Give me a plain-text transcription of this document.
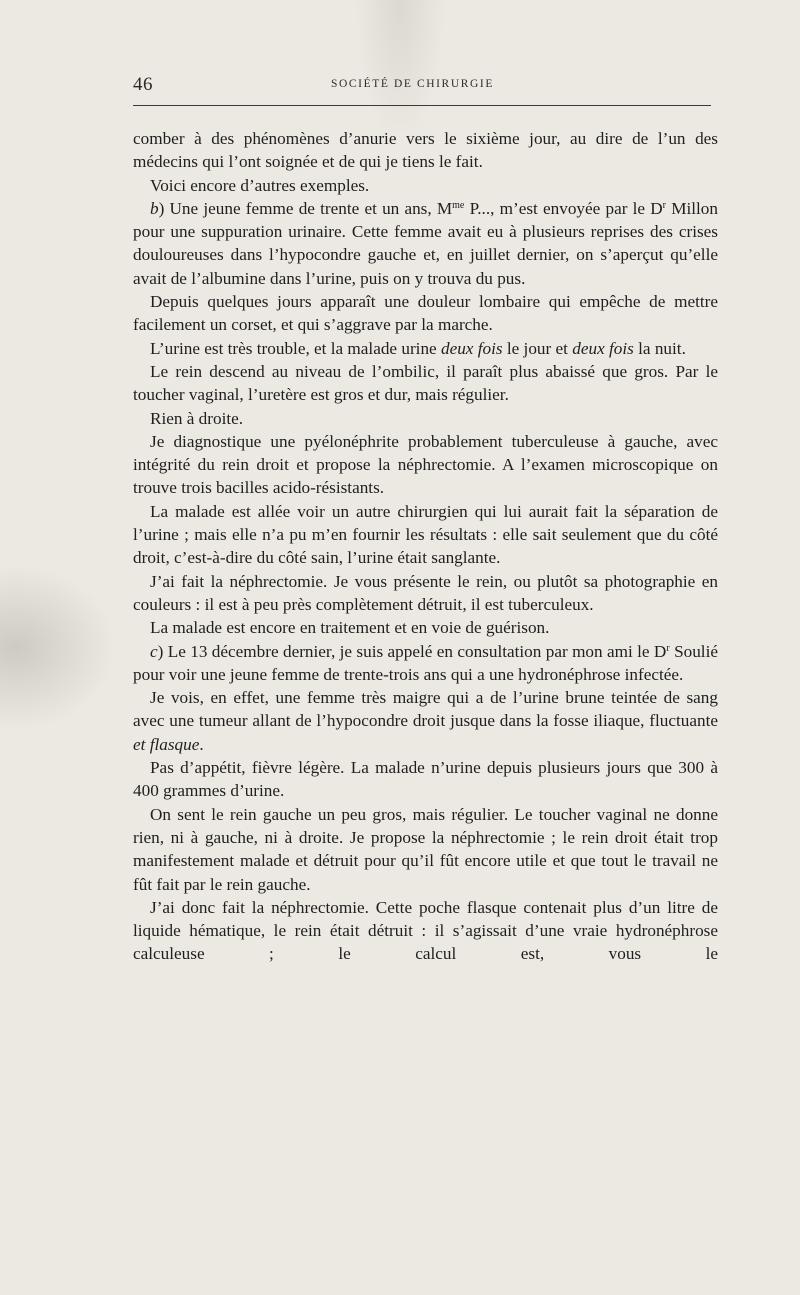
46	SOCIÉTÉ DE CHIRURGIE

comber à des phénomènes d’anurie vers le sixième jour, au dire de l’un des médecins qui l’ont soignée et de qui je tiens le fait.

Voici encore d’autres exemples.

b) Une jeune femme de trente et un ans, $M^{me}$ P..., m’est envoyée par le $D^r$ Millon pour une suppuration urinaire. Cette femme avait eu à plusieurs reprises des crises douloureuses dans l’hypocondre gauche et, en juillet dernier, on s’aperçut qu’elle avait de l’albumine dans l’urine, puis on y trouva du pus.

Depuis quelques jours apparaît une douleur lombaire qui empêche de mettre facilement un corset, et qui s’aggrave par la marche.

L’urine est très trouble, et la malade urine deux fois le jour et deux fois la nuit.

Le rein descend au niveau de l’ombilic, il paraît plus abaissé que gros. Par le toucher vaginal, l’uretère est gros et dur, mais régulier.

Rien à droite.

Je diagnostique une pyélonéphrite probablement tuberculeuse à gauche, avec intégrité du rein droit et propose la néphrectomie. A l’examen microscopique on trouve trois bacilles acido-résistants.

La malade est allée voir un autre chirurgien qui lui aurait fait la séparation de l’urine ; mais elle n’a pu m’en fournir les résultats : elle sait seulement que du côté droit, c’est-à-dire du côté sain, l’urine était sanglante.

J’ai fait la néphrectomie. Je vous présente le rein, ou plutôt sa photographie en couleurs : il est à peu près complètement détruit, il est tuberculeux.

La malade est encore en traitement et en voie de guérison.

c) Le 13 décembre dernier, je suis appelé en consultation par mon ami le $D^r$ Soulié pour voir une jeune femme de trente-trois ans qui a une hydronéphrose infectée.

Je vois, en effet, une femme très maigre qui a de l’urine brune teintée de sang avec une tumeur allant de l’hypocondre droit jusque dans la fosse iliaque, fluctuante et flasque.

Pas d’appétit, fièvre légère. La malade n’urine depuis plusieurs jours que 300 à 400 grammes d’urine.

On sent le rein gauche un peu gros, mais régulier. Le toucher vaginal ne donne rien, ni à gauche, ni à droite. Je propose la néphrectomie ; le rein droit était trop manifestement malade et détruit pour qu’il fût encore utile et que tout le travail ne fût fait par le rein gauche.

J’ai donc fait la néphrectomie. Cette poche flasque contenait plus d’un litre de liquide hématique, le rein était détruit : il s’agissait d’une vraie hydronéphrose calculeuse ; le calcul est, vous le
